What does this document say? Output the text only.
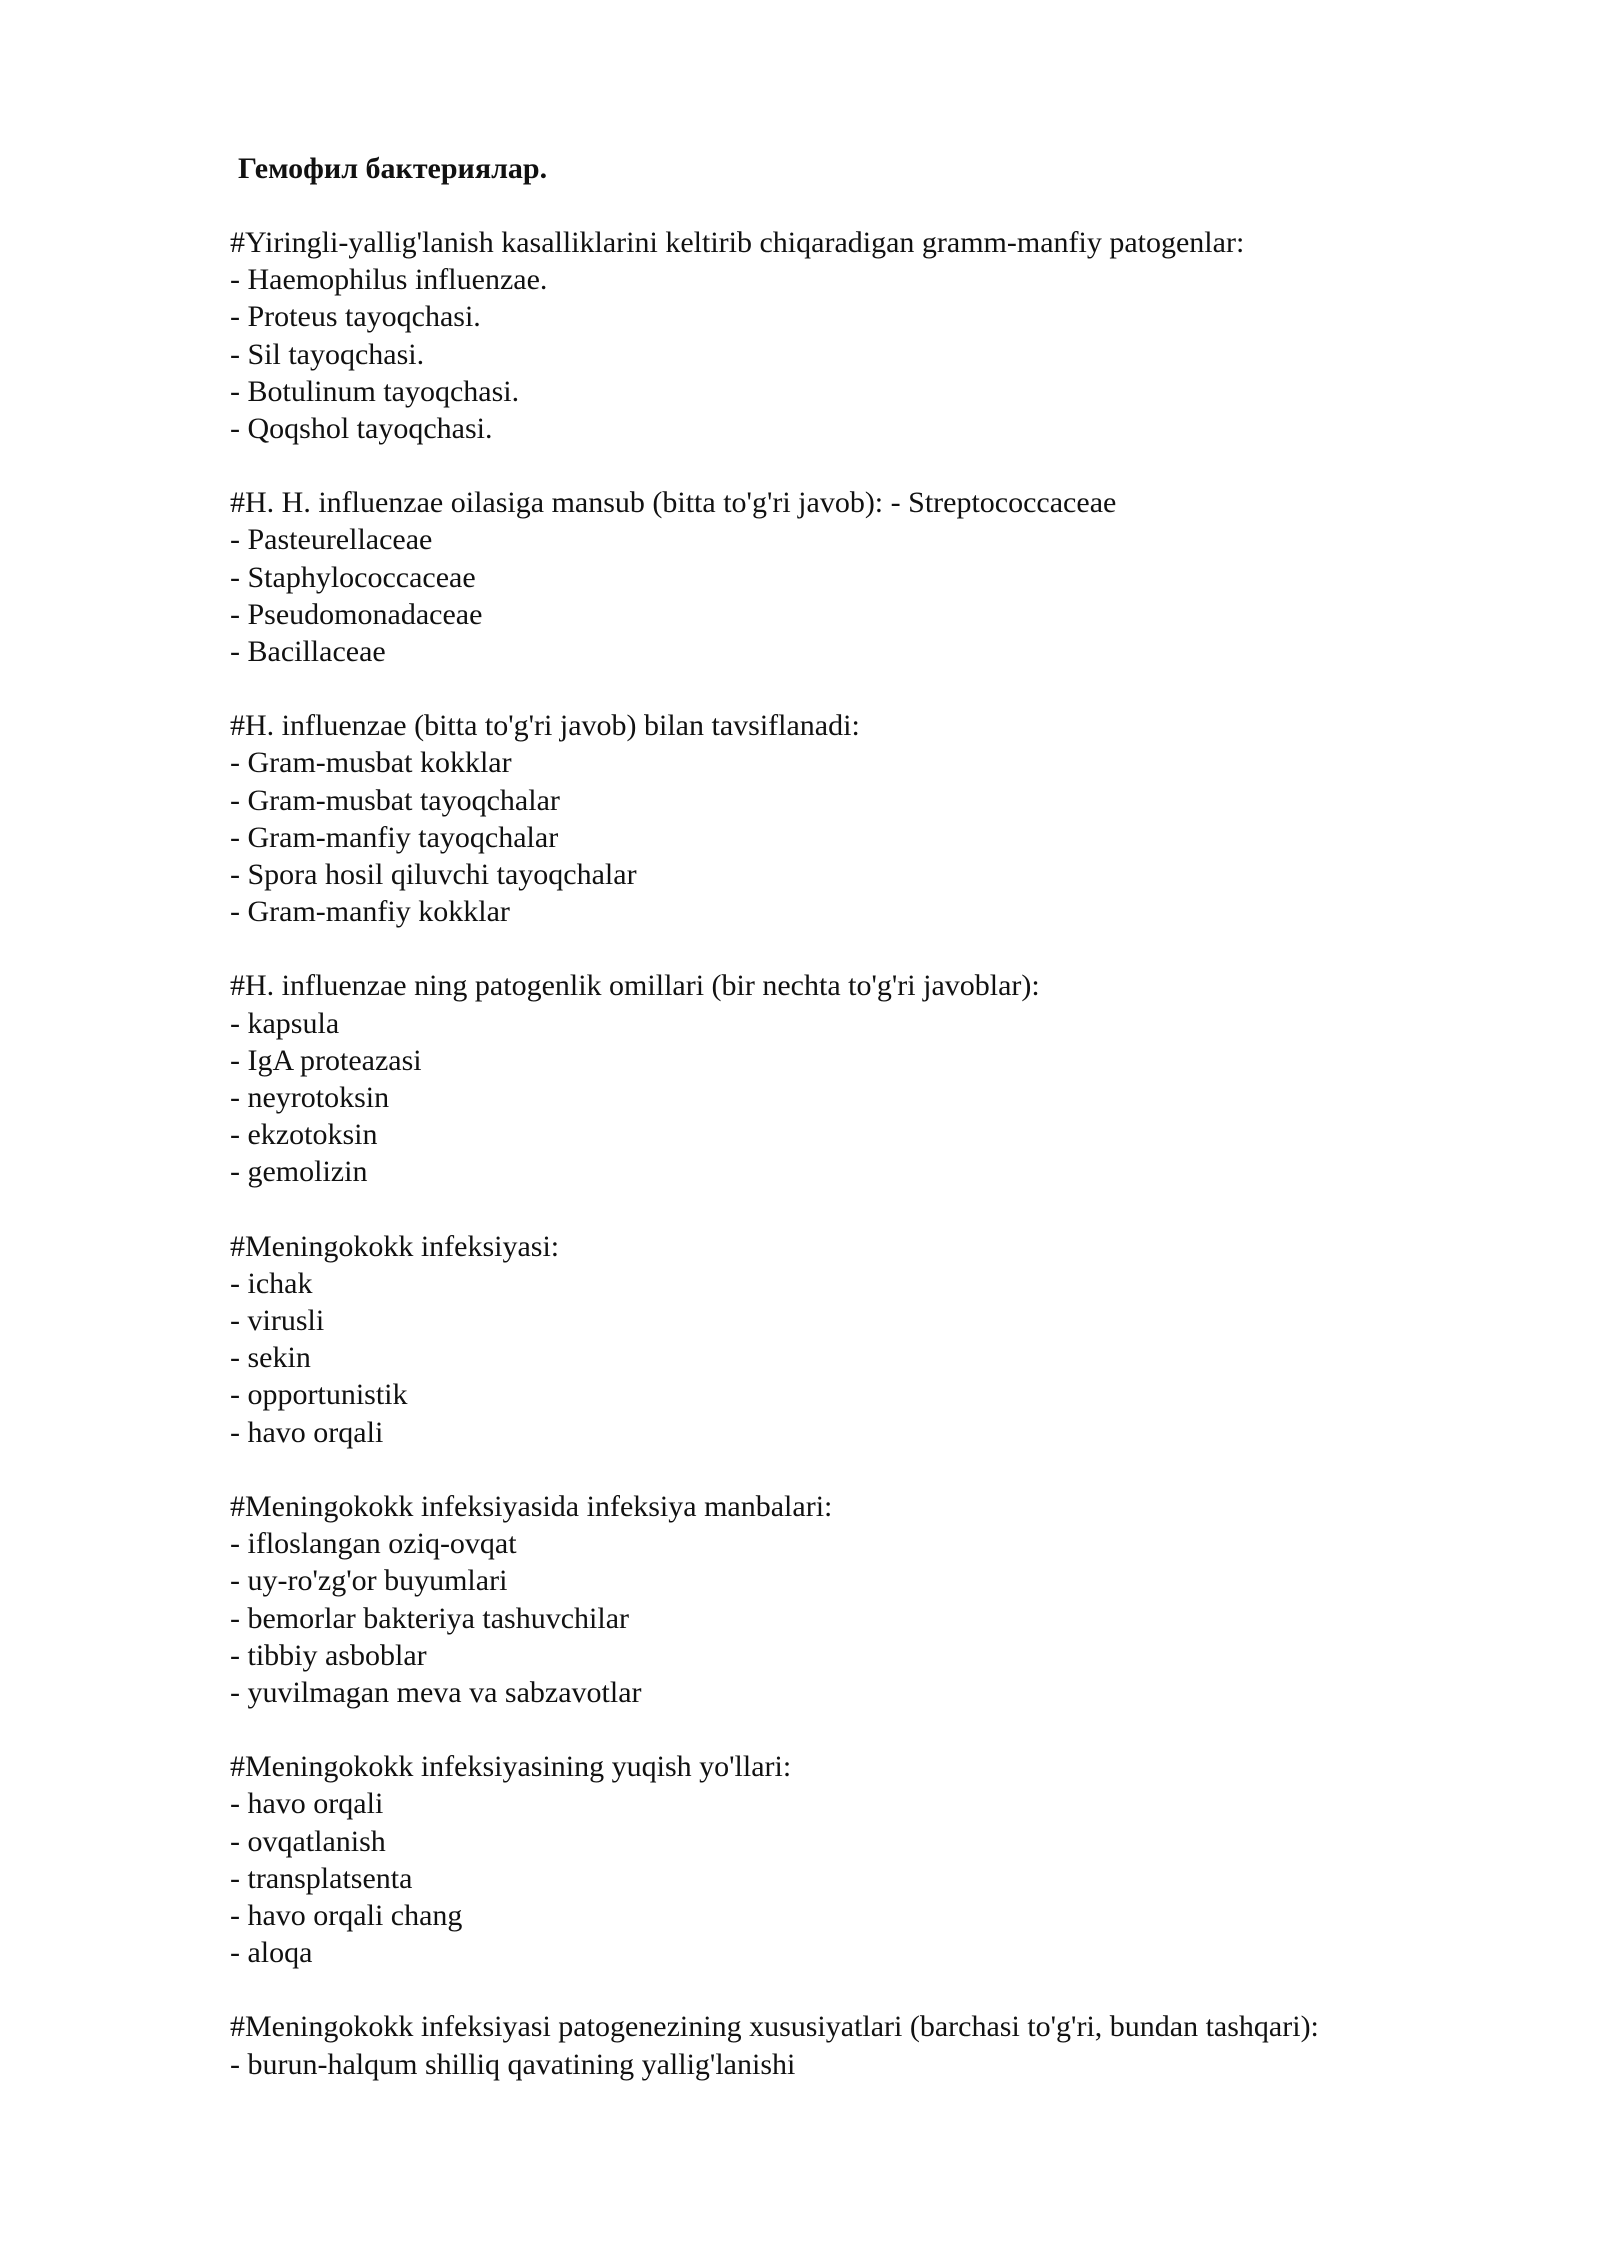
Гемофил бактериялар.
#Yiringli-yallig'lanish kasalliklarini keltirib chiqaradigan gramm-manfiy patogenlar:
- Haemophilus influenzae.
- Proteus tayoqchasi.
- Sil tayoqchasi.
- Botulinum tayoqchasi.
- Qoqshol tayoqchasi.
#H. H. influenzae oilasiga mansub (bitta to'g'ri javob): - Streptococcaceae
- Pasteurellaceae
- Staphylococcaceae
- Pseudomonadaceae
- Bacillaceae
#H. influenzae (bitta to'g'ri javob) bilan tavsiflanadi:
- Gram-musbat kokklar
- Gram-musbat tayoqchalar
- Gram-manfiy tayoqchalar
- Spora hosil qiluvchi tayoqchalar
- Gram-manfiy kokklar
#H. influenzae ning patogenlik omillari (bir nechta to'g'ri javoblar):
- kapsula
- IgA proteazasi
- neyrotoksin
- ekzotoksin
- gemolizin
#Meningokokk infeksiyasi:
- ichak
- virusli
- sekin
- opportunistik
- havo orqali
#Meningokokk infeksiyasida infeksiya manbalari:
- ifloslangan oziq-ovqat
- uy-ro'zg'or buyumlari
- bemorlar bakteriya tashuvchilar
- tibbiy asboblar
- yuvilmagan meva va sabzavotlar
#Meningokokk infeksiyasining yuqish yo'llari:
- havo orqali
- ovqatlanish
- transplatsenta
- havo orqali chang
- aloqa
#Meningokokk infeksiyasi patogenezining xususiyatlari (barchasi to'g'ri, bundan tashqari):
- burun-halqum shilliq qavatining yallig'lanishi
